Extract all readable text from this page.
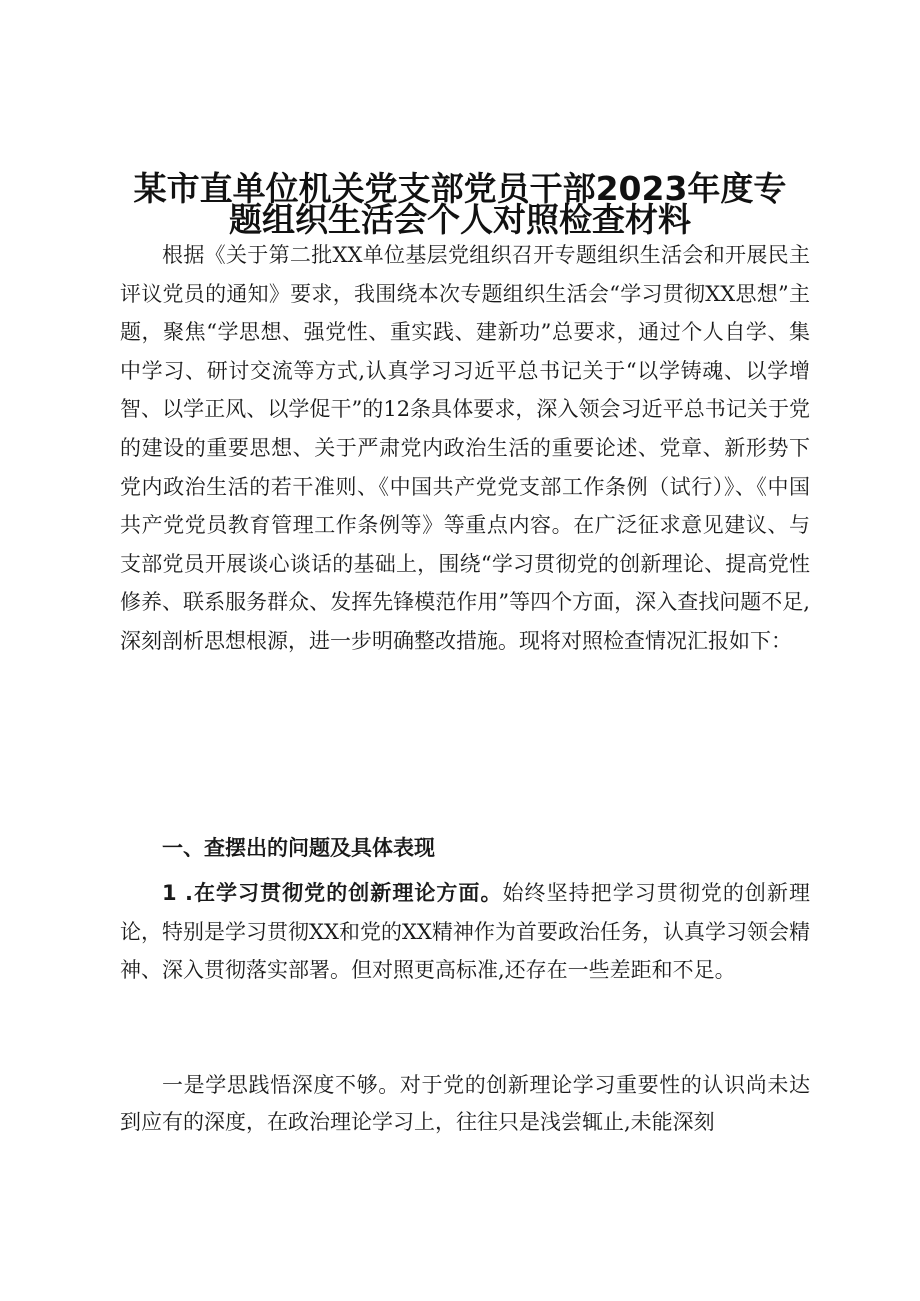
某市直单位机关党支部党员干部2023年度专
题组织生活会个人对照检查材料

根据《关于第二批XX单位基层党组织召开专题组织生活会和开展民主评议党员的通知》要求，我围绕本次专题组织生活会“学习贯彻XX思想”主题，聚焦“学思想、强党性、重实践、建新功”总要求，通过个人自学、集中学习、研讨交流等方式,认真学习习近平总书记关于“以学铸魂、以学增智、以学正风、以学促干”的12条具体要求，深入领会习近平总书记关于党的建设的重要思想、关于严肃党内政治生活的重要论述、党章、新形势下党内政治生活的若干准则、《中国共产党党支部工作条例（试行）》、《中国共产党党员教育管理工作条例等》等重点内容。在广泛征求意见建议、与支部党员开展谈心谈话的基础上，围绕“学习贯彻党的创新理论、提高党性修养、联系服务群众、发挥先锋模范作用”等四个方面，深入查找问题不足,深刻剖析思想根源，进一步明确整改措施。现将对照检查情况汇报如下：

一、查摆出的问题及具体表现

1 .在学习贯彻党的创新理论方面。始终坚持把学习贯彻党的创新理论，特别是学习贯彻XX和党的XX精神作为首要政治任务，认真学习领会精神、深入贯彻落实部署。但对照更高标准,还存在一些差距和不足。

一是学思践悟深度不够。对于党的创新理论学习重要性的认识尚未达到应有的深度，在政治理论学习上，往往只是浅尝辄止,未能深刻
